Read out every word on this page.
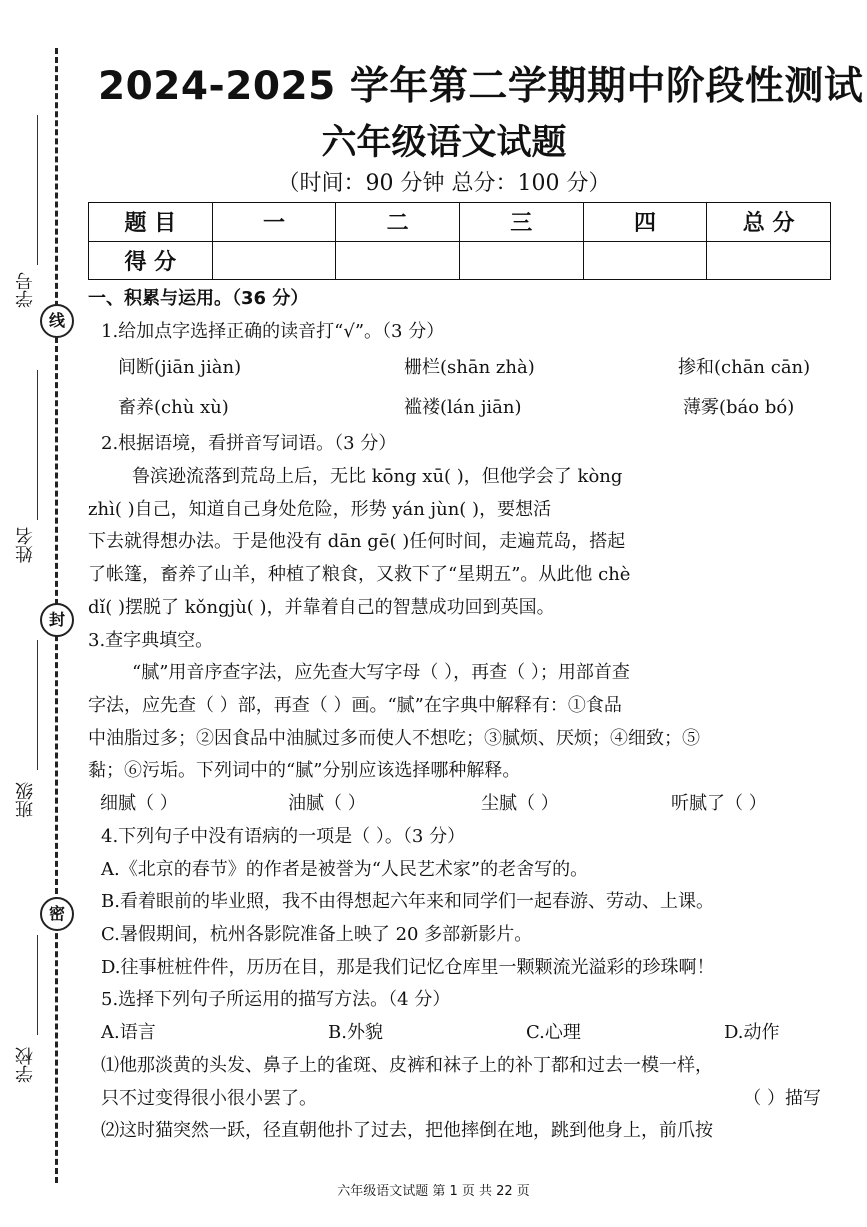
学号
线
姓名
封
班级
密
学校
2024-2025 学年第二学期期中阶段性测试
六年级语文试题
（时间：90 分钟 总分：100 分）
题 目	一	二	三	四	总 分
得 分					
一、积累与运用。（36 分）
1.给加点字选择正确的读音打“√”。（3 分）
间断(jiān jiàn)	栅栏(shān zhà)	掺和(chān cān)
畜养(chù xù)	褴褛(lán jiān)	薄雾(báo bó)
2.根据语境，看拼音写词语。（3 分）
鲁滨逊流落到荒岛上后，无比 kōng xū( )，但他学会了 kòng
zhì( )自己，知道自己身处危险，形势 yán jùn( )，要想活
下去就得想办法。于是他没有 dān gē( )任何时间，走遍荒岛，搭起
了帐篷，畜养了山羊，种植了粮食，又救下了“星期五”。从此他 chè
dǐ( )摆脱了 kǒngjù( )，并靠着自己的智慧成功回到英国。
3.查字典填空。
“腻”用音序查字法，应先查大写字母（ ），再查（ ）；用部首查
字法，应先查（ ）部，再查（ ）画。“腻”在字典中解释有：①食品
中油脂过多；②因食品中油腻过多而使人不想吃；③腻烦、厌烦；④细致；⑤
黏；⑥污垢。下列词中的“腻”分别应该选择哪种解释。
细腻（ ）	油腻（ ）	尘腻（ ）	听腻了（ ）
4.下列句子中没有语病的一项是（ ）。（3 分）
A.《北京的春节》的作者是被誉为“人民艺术家”的老舍写的。
B.看着眼前的毕业照，我不由得想起六年来和同学们一起春游、劳动、上课。
C.暑假期间，杭州各影院准备上映了 20 多部新影片。
D.往事桩桩件件，历历在目，那是我们记忆仓库里一颗颗流光溢彩的珍珠啊！
5.选择下列句子所运用的描写方法。（4 分）
A.语言	B.外貌	C.心理	D.动作
⑴他那淡黄的头发、鼻子上的雀斑、皮裤和袜子上的补丁都和过去一模一样，
只不过变得很小很小罢了。	（ ）描写
⑵这时猫突然一跃，径直朝他扑了过去，把他摔倒在地，跳到他身上，前爪按
六年级语文试题 第 1 页 共 22 页
